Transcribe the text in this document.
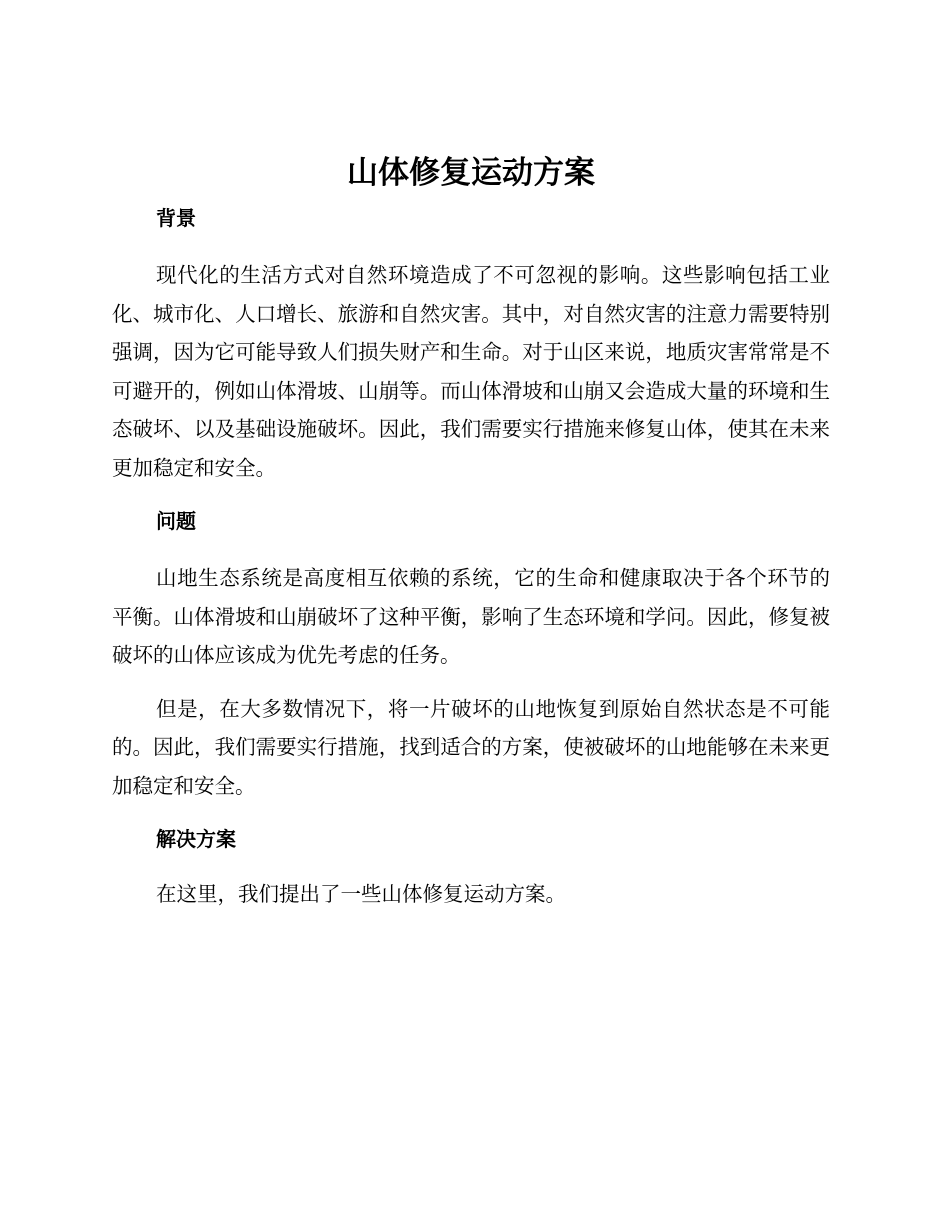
山体修复运动方案
背景

现代化的生活方式对自然环境造成了不可忽视的影响。这些影响包括工业化、城市化、人口增长、旅游和自然灾害。其中，对自然灾害的注意力需要特别强调，因为它可能导致人们损失财产和生命。对于山区来说，地质灾害常常是不可避开的，例如山体滑坡、山崩等。而山体滑坡和山崩又会造成大量的环境和生态破坏、以及基础设施破坏。因此，我们需要实行措施来修复山体，使其在未来更加稳定和安全。

问题

山地生态系统是高度相互依赖的系统，它的生命和健康取决于各个环节的平衡。山体滑坡和山崩破坏了这种平衡，影响了生态环境和学问。因此，修复被破坏的山体应该成为优先考虑的任务。

但是，在大多数情况下，将一片破坏的山地恢复到原始自然状态是不可能的。因此，我们需要实行措施，找到适合的方案，使被破坏的山地能够在未来更加稳定和安全。

解决方案

在这里，我们提出了一些山体修复运动方案。
